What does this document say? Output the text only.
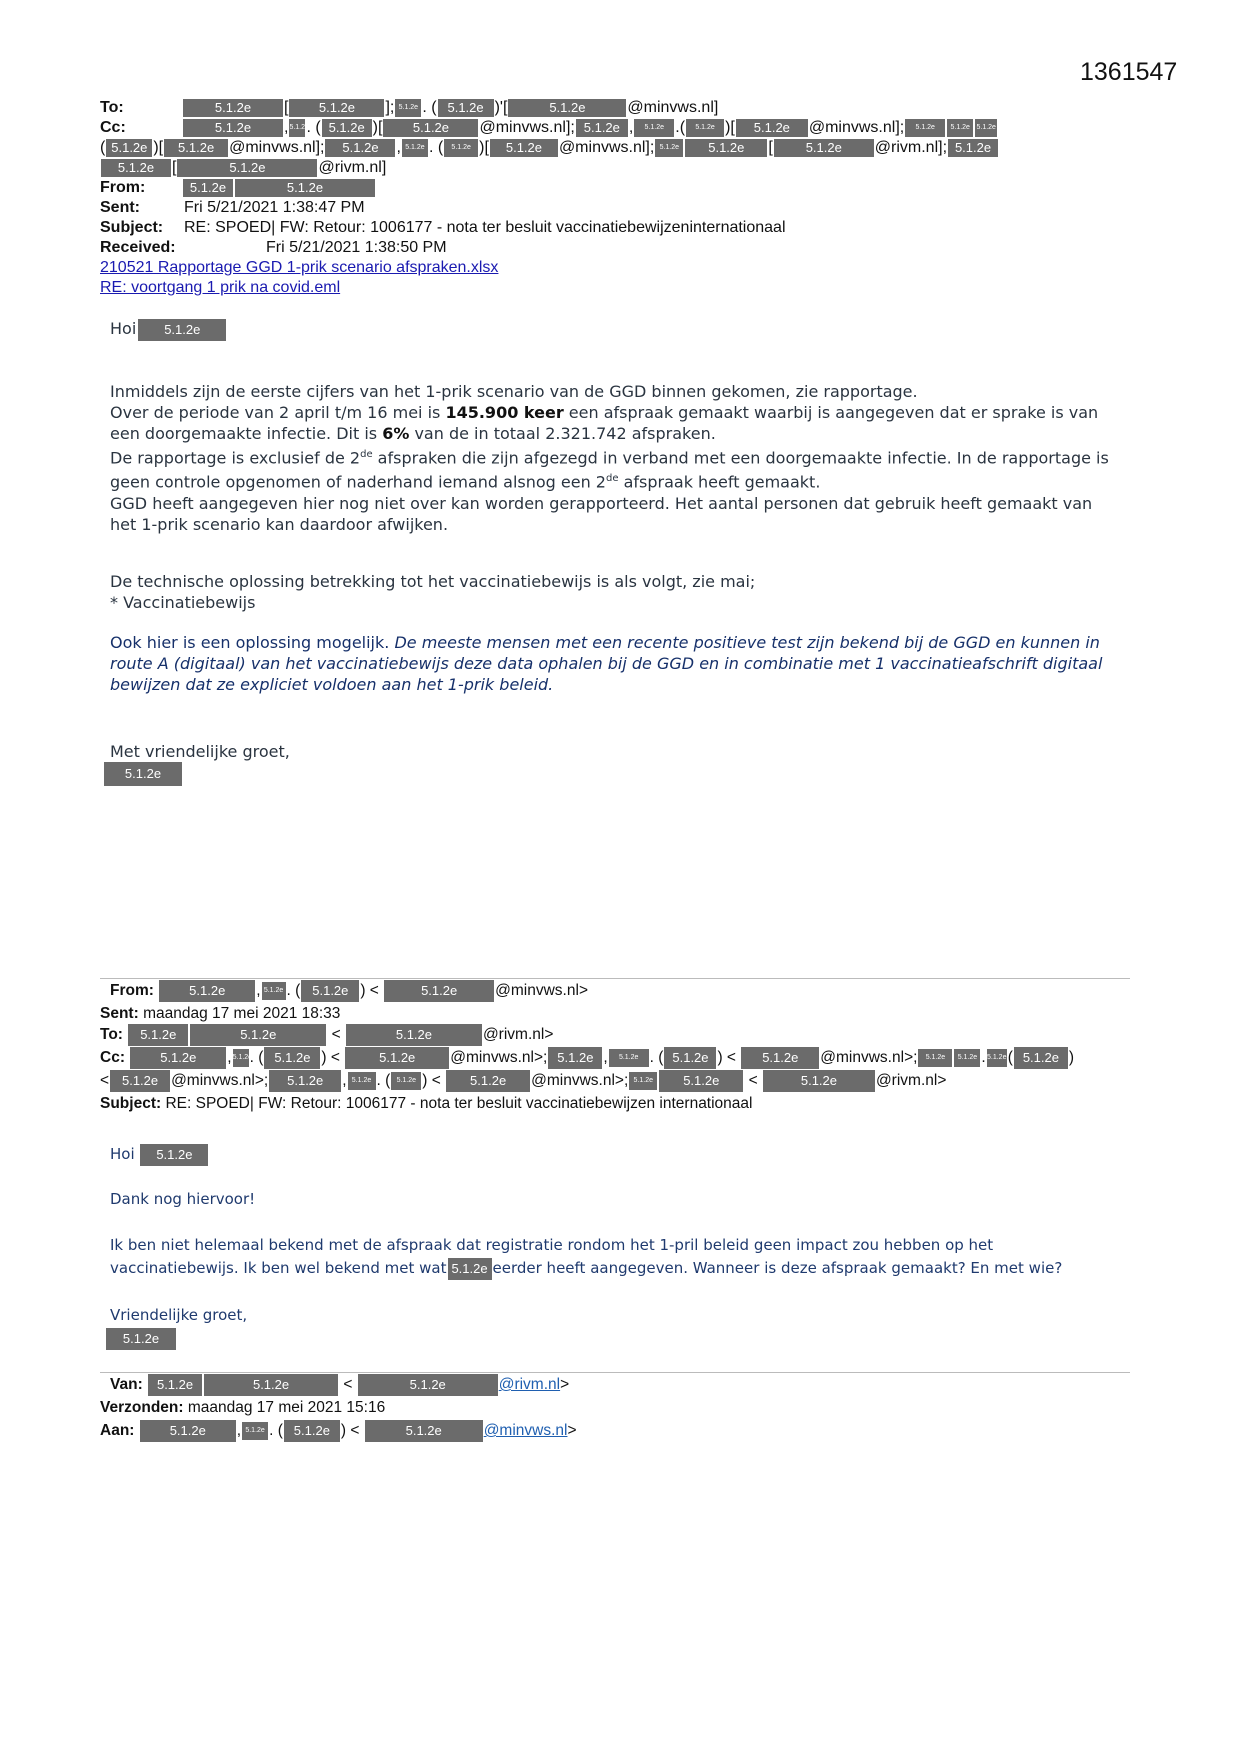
1361547
To:	5.1.2e [ 5.1.2e ]; 5.1.2e . ( 5.1.2e )'[	5.1.2e	@minvws.nl]
Cc:	5.1.2e ,5.1.2e. ( 5.1.2e )[ 5.1.2e @minvws.nl]; 5.1.2e , 5.1.2e .( 5.1.2e )[ 5.1.2e @minvws.nl]; 5.1.2e 5.1.2e 5.1.2e
( 5.1.2e )[ 5.1.2e @minvws.nl]; 5.1.2e , 5.1.2e . ( 5.1.2e )[ 5.1.2e @minvws.nl]; 5.1.2e 5.1.2e [	5.1.2e @rivm.nl]; 5.1.2e
5.1.2e [	5.1.2e	@rivm.nl]
From:	5.1.2e	5.1.2e
Sent:	Fri 5/21/2021 1:38:47 PM
Subject: RE: SPOED| FW: Retour: 1006177 - nota ter besluit vaccinatiebewijzeninternationaal
Received:	Fri 5/21/2021 1:38:50 PM
210521 Rapportage GGD 1-prik scenario afspraken.xlsx
RE: voortgang 1 prik na covid.eml
Hoi 5.1.2e
Inmiddels zijn de eerste cijfers van het 1-prik scenario van de GGD binnen gekomen, zie rapportage.
Over de periode van 2 april t/m 16 mei is 145.900 keer een afspraak gemaakt waarbij is aangegeven dat er sprake is van een doorgemaakte infectie. Dit is 6% van de in totaal 2.321.742 afspraken.
De rapportage is exclusief de 2de afspraken die zijn afgezegd in verband met een doorgemaakte infectie. In de rapportage is geen controle opgenomen of naderhand iemand alsnog een 2de afspraak heeft gemaakt.
GGD heeft aangegeven hier nog niet over kan worden gerapporteerd. Het aantal personen dat gebruik heeft gemaakt van het 1-prik scenario kan daardoor afwijken.
De technische oplossing betrekking tot het vaccinatiebewijs is als volgt, zie mai;
* Vaccinatiebewijs
Ook hier is een oplossing mogelijk. De meeste mensen met een recente positieve test zijn bekend bij de GGD en kunnen in route A (digitaal) van het vaccinatiebewijs deze data ophalen bij de GGD en in combinatie met 1 vaccinatieafschrift digitaal bewijzen dat ze expliciet voldoen aan het 1-prik beleid.
Met vriendelijke groet,
5.1.2e
From:	5.1.2e , 5.1.2e . ( 5.1.2e ) <	5.1.2e @minvws.nl>
Sent: maandag 17 mei 2021 18:33
To: 5.1.2e	5.1.2e	<	5.1.2e	@rivm.nl>
Cc:	5.1.2e ,5.1.2e. ( 5.1.2e ) <	5.1.2e @minvws.nl>; 5.1.2e , 5.1.2e . ( 5.1.2e ) < 5.1.2e @minvws.nl>; 5.1.2e 5.1.2e .5.1.2e( 5.1.2e )
< 5.1.2e @minvws.nl>; 5.1.2e , 5.1.2e . ( 5.1.2e ) < 5.1.2e @minvws.nl>; 5.1.2e 5.1.2e <	5.1.2e	@rivm.nl>
Subject: RE: SPOED| FW: Retour: 1006177 - nota ter besluit vaccinatiebewijzen internationaal
Hoi 5.1.2e
Dank nog hiervoor!
Ik ben niet helemaal bekend met de afspraak dat registratie rondom het 1-pril beleid geen impact zou hebben op het vaccinatiebewijs. Ik ben wel bekend met wat 5.1.2e eerder heeft aangegeven. Wanneer is deze afspraak gemaakt? En met wie?
Vriendelijke groet,
5.1.2e
Van: 5.1.2e	5.1.2e	<	5.1.2e	@rivm.nl>
Verzonden: maandag 17 mei 2021 15:16
Aan:	5.1.2e , 5.1.2e . ( 5.1.2e ) <	5.1.2e	@minvws.nl>
